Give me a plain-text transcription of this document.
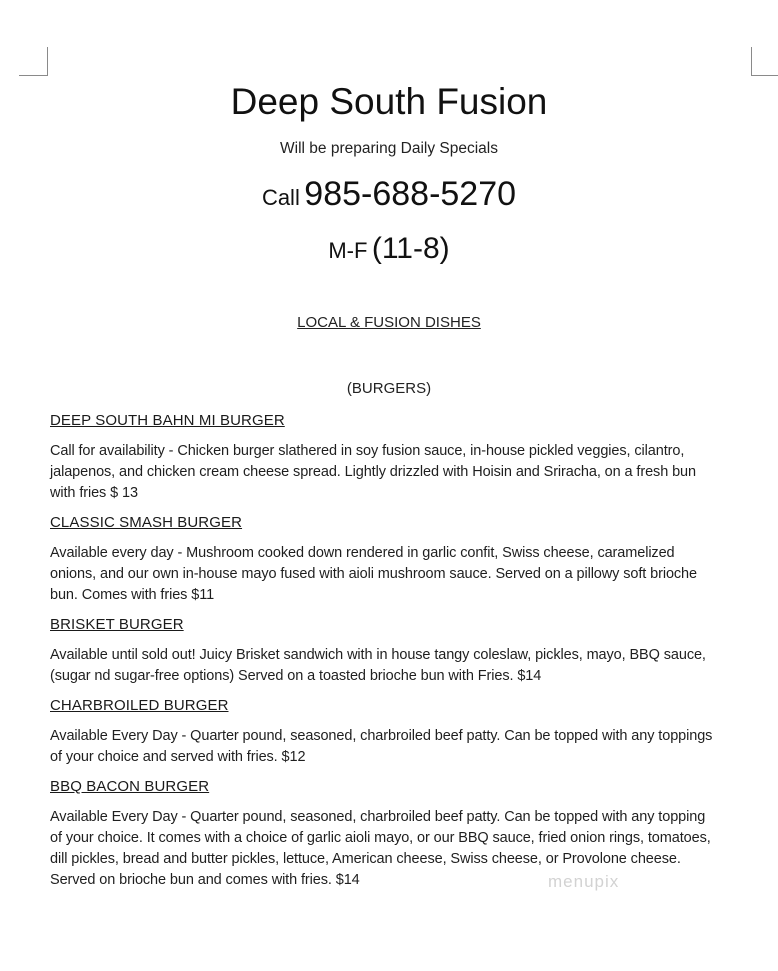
Deep South Fusion
Will be preparing Daily Specials
Call 985-688-5270
M-F (11-8)
LOCAL & FUSION DISHES
(BURGERS)
DEEP SOUTH BAHN MI BURGER
Call for availability - Chicken burger slathered in soy fusion sauce, in-house pickled veggies, cilantro,
jalapenos, and chicken cream cheese spread. Lightly drizzled with Hoisin and Sriracha, on a fresh bun
with fries $ 13
CLASSIC SMASH BURGER
Available every day - Mushroom cooked down rendered in garlic confit, Swiss cheese, caramelized
onions, and our own in-house mayo fused with aioli mushroom sauce. Served on a pillowy soft brioche
bun. Comes with fries $11
BRISKET BURGER
Available until sold out! Juicy Brisket sandwich with in house tangy coleslaw, pickles, mayo, BBQ sauce,
(sugar nd sugar-free options) Served on a toasted brioche bun with Fries. $14
CHARBROILED BURGER
Available Every Day - Quarter pound, seasoned, charbroiled beef patty. Can be topped with any toppings
of your choice and served with fries. $12
BBQ BACON BURGER
Available Every Day - Quarter pound, seasoned, charbroiled beef patty. Can be topped with any topping
of your choice. It comes with a choice of garlic aioli mayo, or our BBQ sauce, fried onion rings, tomatoes,
dill pickles, bread and butter pickles, lettuce, American cheese, Swiss cheese, or Provolone cheese.
Served on brioche bun and comes with fries. $14	menupix
